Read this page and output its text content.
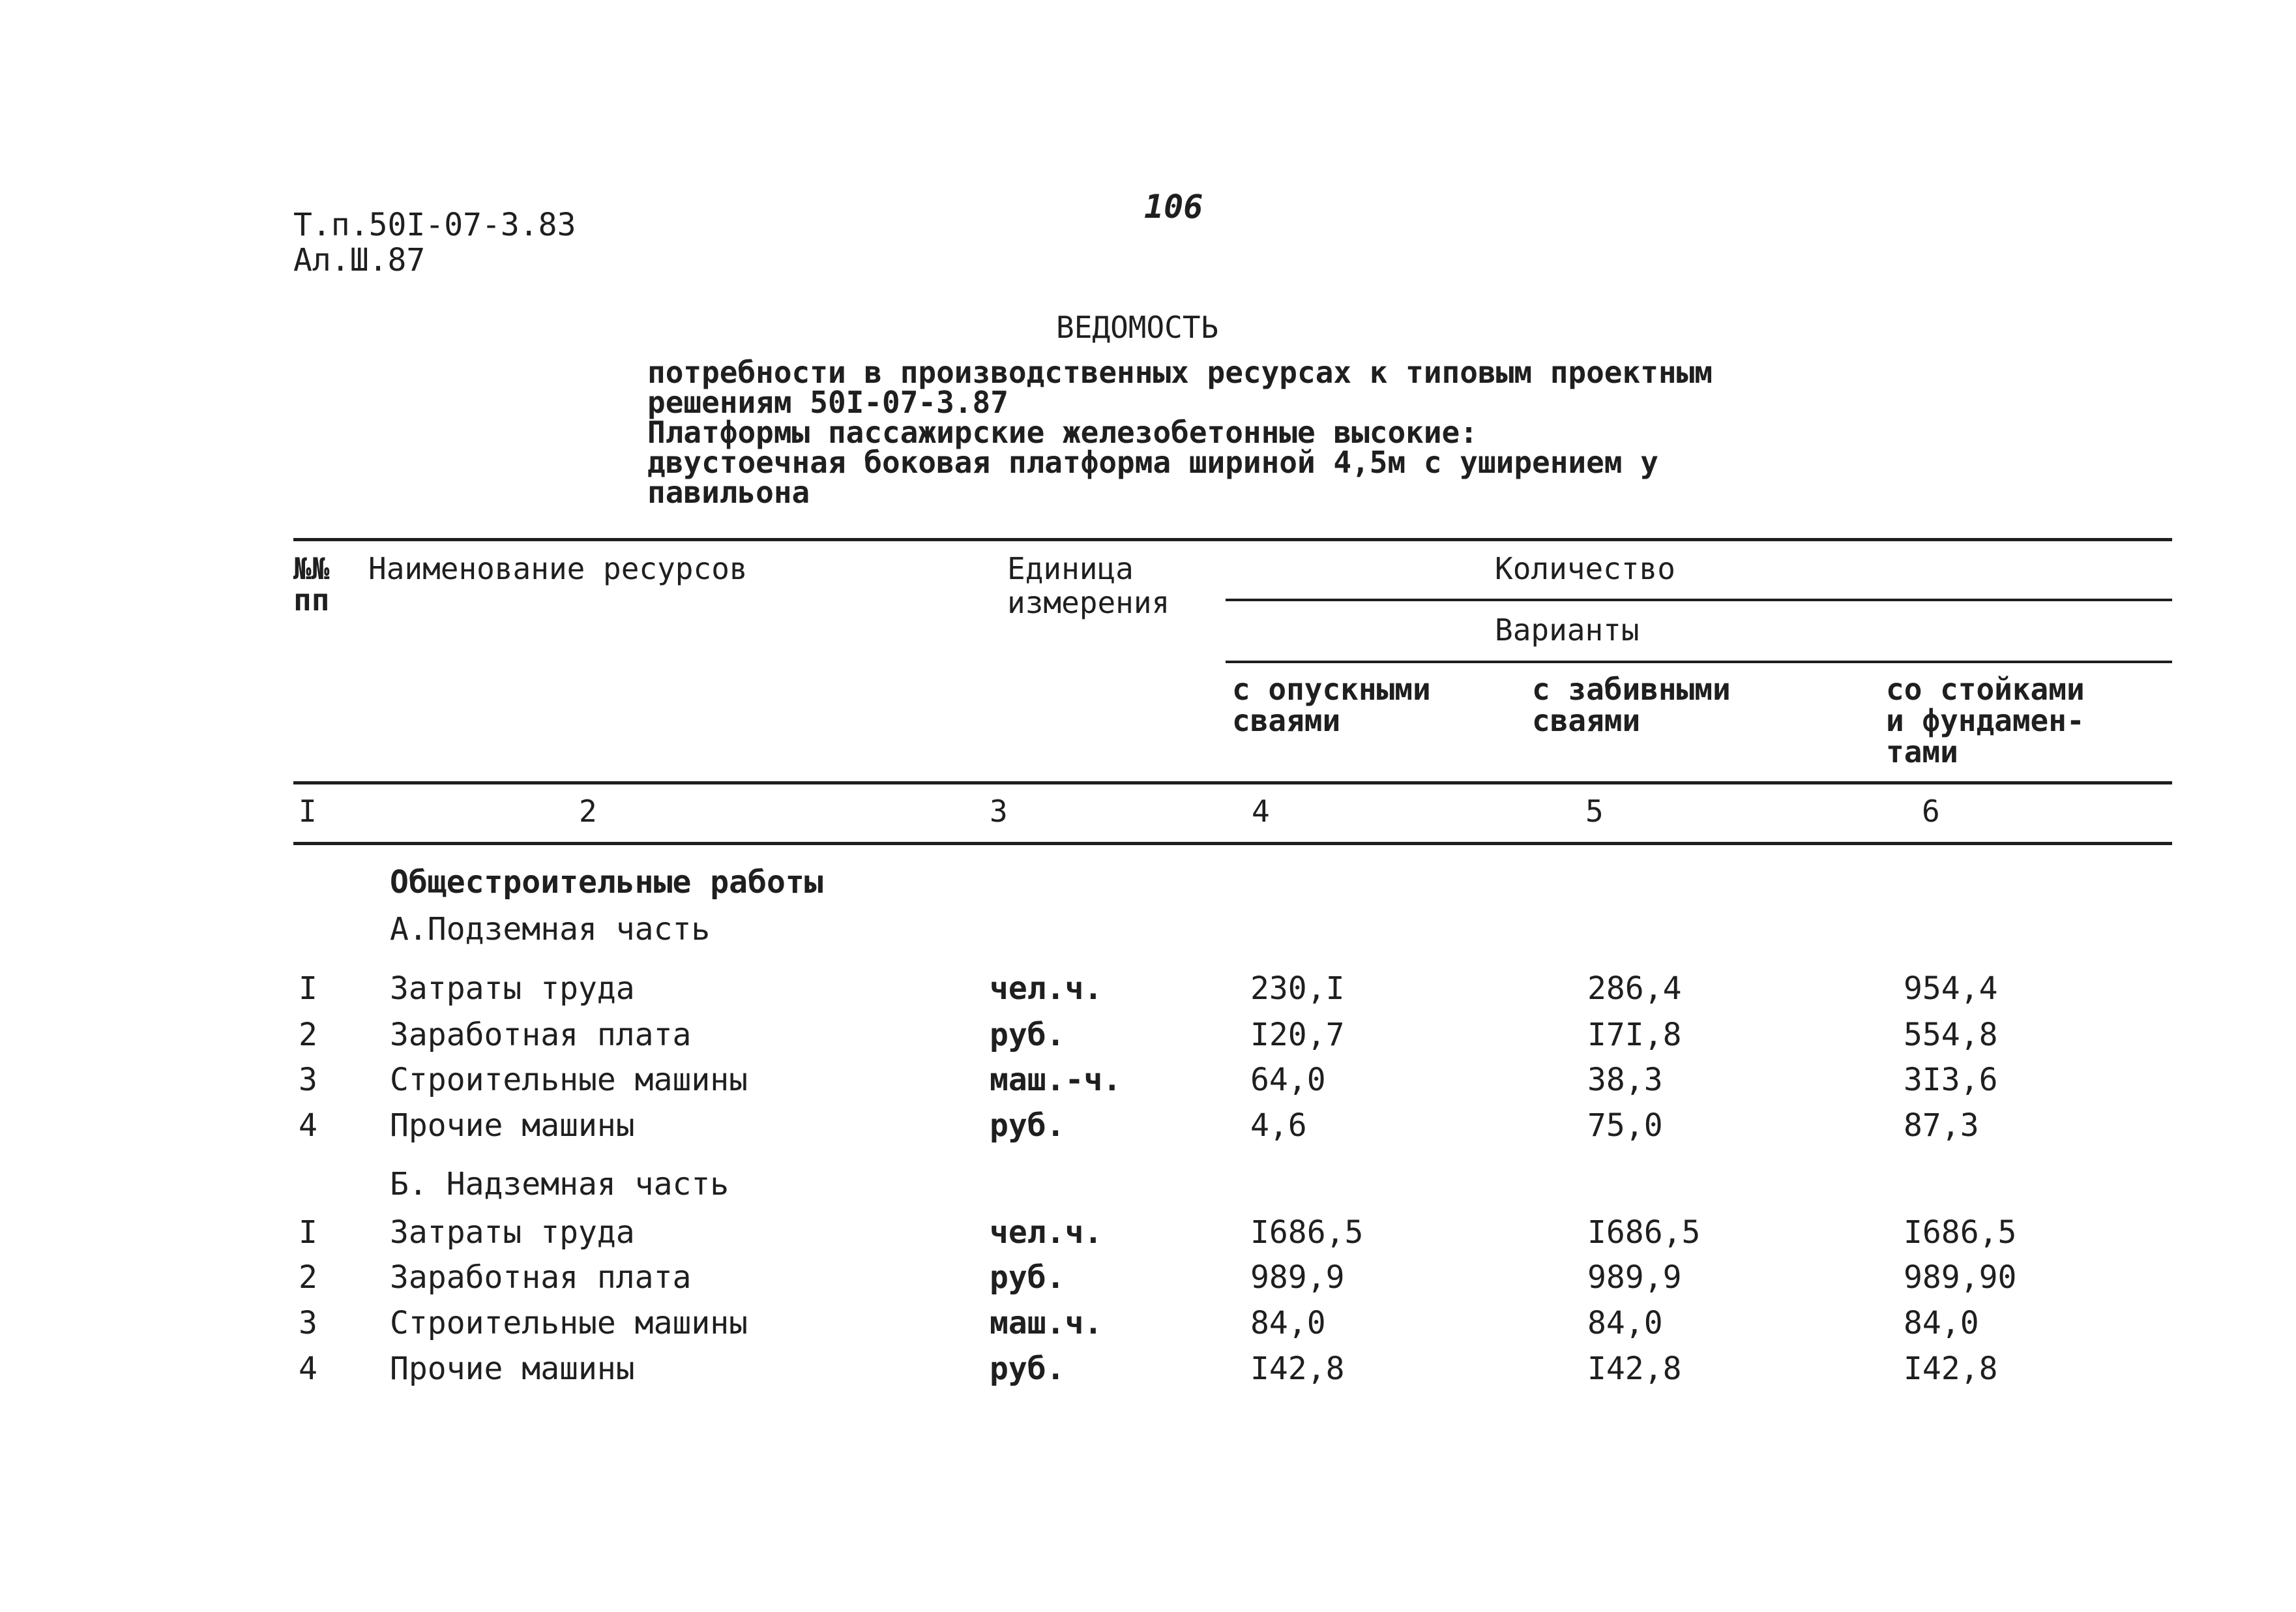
Т.п.50I-07-3.83
Ал.Ш.87
106
ВЕДОМОСТЬ
потребности в производственных ресурсах к типовым проектным
решениям 50I-07-3.87
Платформы пассажирские железобетонные высокие:
двустоечная боковая платформа шириной 4,5м с уширением у
павильона
№№
пп
Наименование ресурсов	Единица
измерения
Количество
Варианты
с опускными
сваями
с забивными
сваями
со стойками
и фундамен-
тами
I	2	3	4	5	6
Общестроительные работы
А.Подземная часть
I Затраты труда	чел.ч.	230,I	286,4	954,4
2 Заработная плата	руб.	I20,7	I7I,8	554,8
3 Строительные машины	маш.-ч.	64,0	38,3	3I3,6
4 Прочие машины	руб.	4,6	75,0	87,3
Б. Надземная часть
I Затраты труда	чел.ч.	I686,5	I686,5	I686,5
2 Заработная плата	руб.	989,9	989,9	989,90
3 Строительные машины	маш.ч.	84,0	84,0	84,0
4 Прочие машины	руб.	I42,8	I42,8	I42,8
